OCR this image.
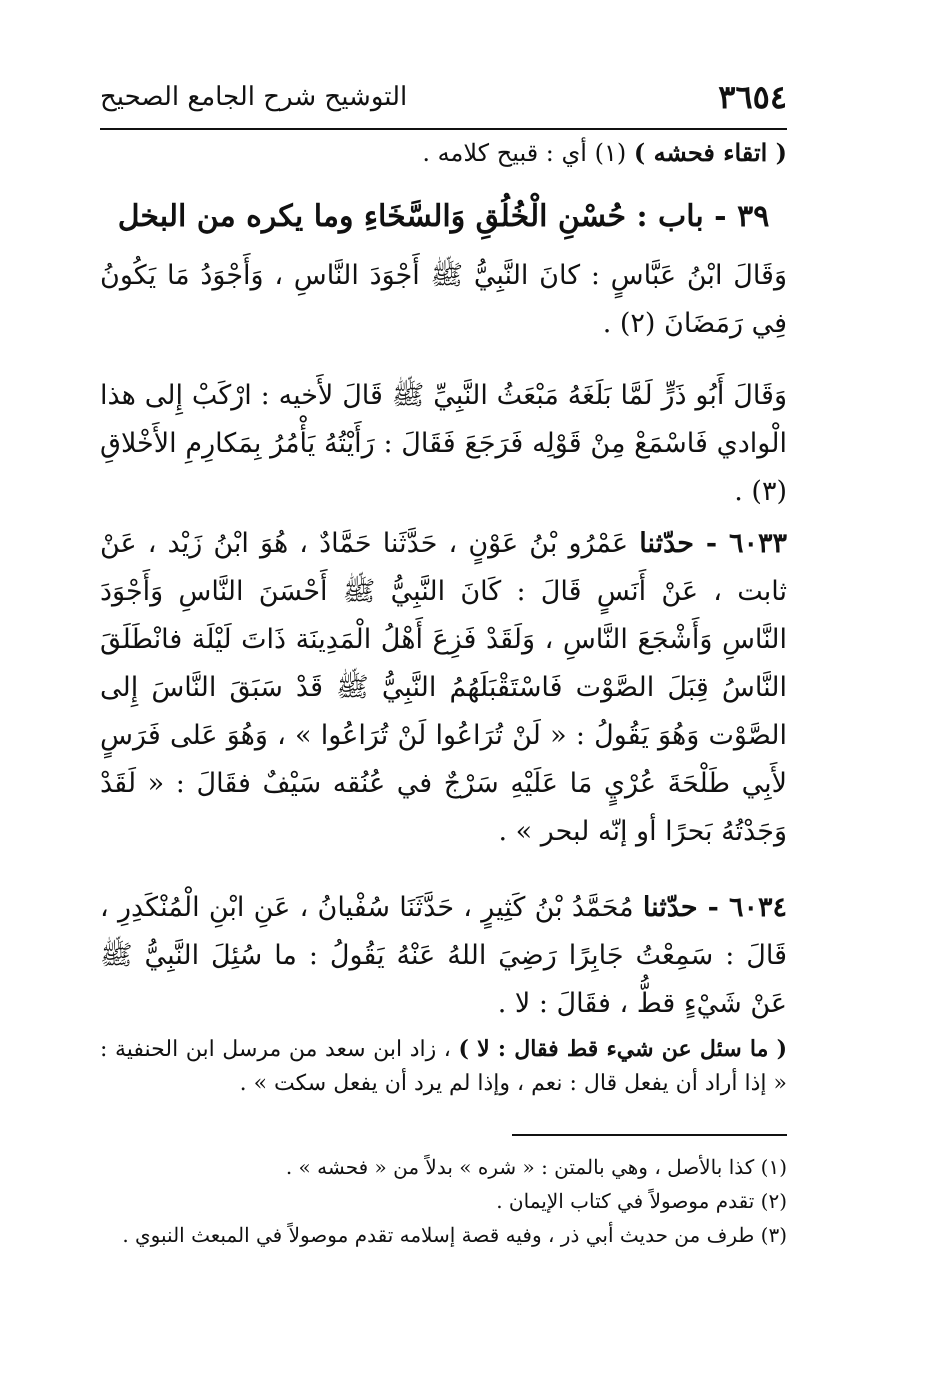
٣٦٥٤
التوشيح شرح الجامع الصحيح
( اتقاء فحشه ) (١) أي : قبيح كلامه .
٣٩ - باب : حُسْنِ الْخُلُقِ وَالسَّخَاءِ وما يكره من البخل
وَقَالَ ابْنُ عَبَّاسٍ : كانَ النَّبِيُّ ﷺ أَجْوَدَ النَّاسِ ، وَأَجْوَدُ مَا يَكُونُ فِي رَمَضَانَ (٢) .
وَقَالَ أَبُو ذَرٍّ لَمَّا بَلَغَهُ مَبْعَثُ النَّبِيِّ ﷺ قَالَ لأَخيه : ارْكَبْ إِلى هذا الْوادي فَاسْمَعْ مِنْ قَوْلِه فَرَجَعَ فَقَالَ : رَأَيْتُهُ يَأْمُرُ بِمَكارِمِ الأَخْلاقِ (٣) .
٦٠٣٣ - حدّثنا عَمْرُو بْنُ عَوْنٍ ، حَدَّثَنا حَمَّادٌ ، هُوَ ابْنُ زَيْد ، عَنْ ثابت ، عَنْ أَنَسٍ قَالَ : كَانَ النَّبِيُّ ﷺ أَحْسَنَ النَّاسِ وَأَجْوَدَ النَّاسِ وَأَشْجَعَ النَّاسِ ، وَلَقَدْ فَزِعَ أَهْلُ الْمَدِينَة ذَاتَ لَيْلَة فانْطَلَقَ النَّاسُ قِبَلَ الصَّوْت فَاسْتَقْبَلَهُمُ النَّبِيُّ ﷺ قَدْ سَبَقَ النَّاسَ إِلى الصَّوْت وَهُوَ يَقُولُ : « لَنْ تُرَاعُوا لَنْ تُرَاعُوا » ، وَهُوَ عَلى فَرَسٍ لأَبِي طَلْحَةَ عُرْيٍ مَا عَلَيْهِ سَرْجٌ في عُنُقه سَيْفٌ فقَالَ : « لَقَدْ وَجَدْتُهُ بَحرًا أو إنّه لبحر » .
٦٠٣٤ - حدّثنا مُحَمَّدُ بْنُ كَثِيرٍ ، حَدَّثَنَا سُفْيانُ ، عَنِ ابْنِ الْمُنْكَدِرِ ، قَالَ : سَمِعْتُ جَابِرًا رَضِيَ اللهُ عَنْهُ يَقُولُ : ما سُئِلَ النَّبِيُّ ﷺ عَنْ شَيْءٍ قطُّ ، فقَالَ : لا .
( ما سئل عن شيء قط فقال : لا ) ، زاد ابن سعد من مرسل ابن الحنفية : « إذا أراد أن يفعل قال : نعم ، وإذا لم يرد أن يفعل سكت » .
(١) كذا بالأصل ، وهي بالمتن : « شره » بدلاً من « فحشه » .
(٢) تقدم موصولاً في كتاب الإيمان .
(٣) طرف من حديث أبي ذر ، وفيه قصة إسلامه تقدم موصولاً في المبعث النبوي .
